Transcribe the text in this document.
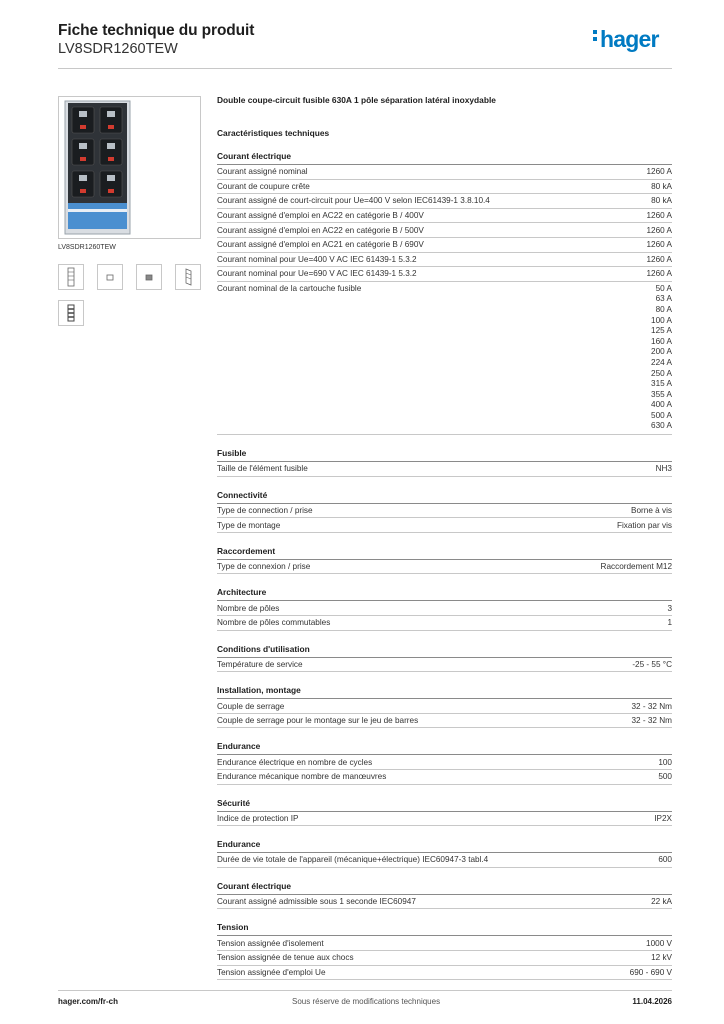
Fiche technique du produit
LV8SDR1260TEW	hager
LV8SDR1260TEW
Double coupe-circuit fusible 630A 1 pôle séparation latéral inoxydable
Caractéristiques techniques
Courant électrique
Courant assigné nominal	1260 A
Courant de coupure crête	80 kA
Courant assigné de court-circuit pour Ue=400 V selon IEC61439-1 3.8.10.4	80 kA
Courant assigné d'emploi en AC22 en catégorie B / 400V	1260 A
Courant assigné d'emploi en AC22 en catégorie B / 500V	1260 A
Courant assigné d'emploi en AC21 en catégorie B / 690V	1260 A
Courant nominal pour Ue=400 V AC IEC 61439-1 5.3.2	1260 A
Courant nominal pour Ue=690 V AC IEC 61439-1 5.3.2	1260 A
Courant nominal de la cartouche fusible	50 A
63 A
80 A
100 A
125 A
160 A
200 A
224 A
250 A
315 A
355 A
400 A
500 A
630 A
Fusible
Taille de l'élément fusible	NH3
Connectivité
Type de connection / prise	Borne à vis
Type de montage	Fixation par vis
Raccordement
Type de connexion / prise	Raccordement M12
Architecture
Nombre de pôles	3
Nombre de pôles commutables	1
Conditions d'utilisation
Température de service	-25 - 55 °C
Installation, montage
Couple de serrage	32 - 32 Nm
Couple de serrage pour le montage sur le jeu de barres	32 - 32 Nm
Endurance
Endurance électrique en nombre de cycles	100
Endurance mécanique nombre de manœuvres	500
Sécurité
Indice de protection IP	IP2X
Endurance
Durée de vie totale de l'appareil (mécanique+électrique) IEC60947-3 tabl.4	600
Courant électrique
Courant assigné admissible sous 1 seconde IEC60947	22 kA
Tension
Tension assignée d'isolement	1000 V
Tension assignée de tenue aux chocs	12 kV
Tension assignée d'emploi Ue	690 - 690 V
hager.com/fr-ch	Sous réserve de modifications techniques	11.04.2026
